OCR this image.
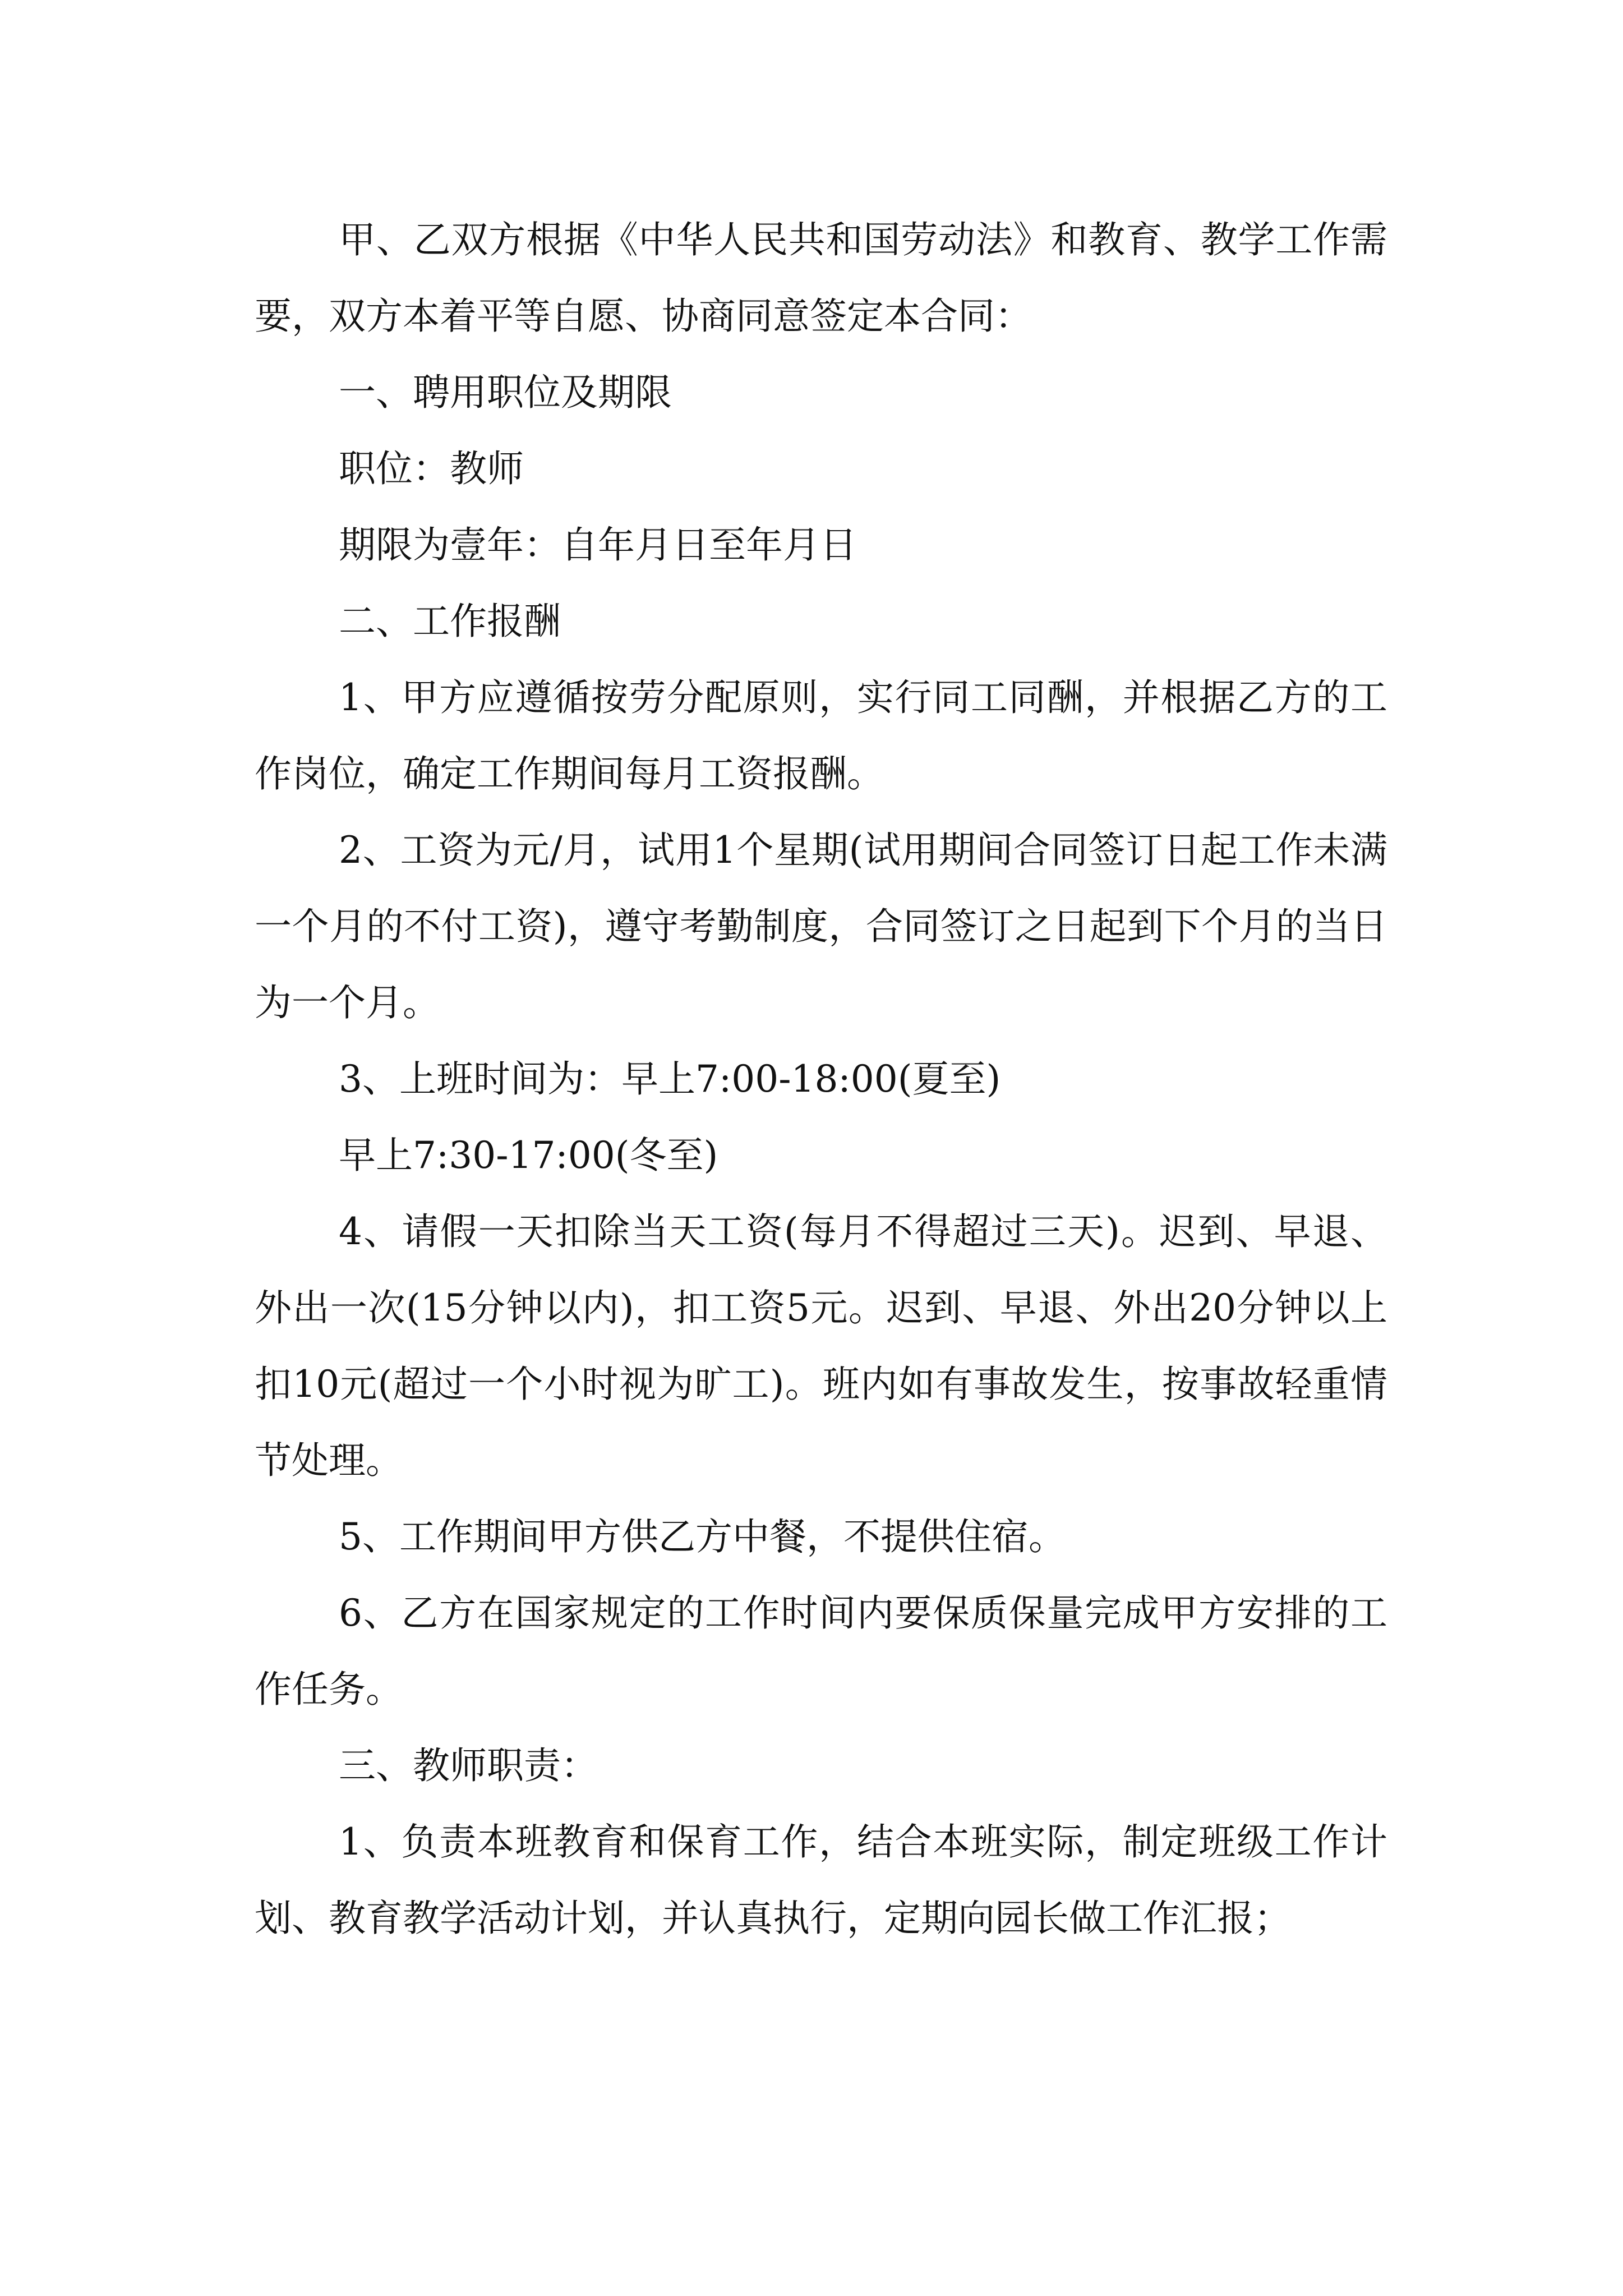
甲、乙双方根据《中华人民共和国劳动法》和教育、教学工作需要，双方本着平等自愿、协商同意签定本合同：

一、聘用职位及期限

职位：教师

期限为壹年：自年月日至年月日

二、工作报酬

1、甲方应遵循按劳分配原则，实行同工同酬，并根据乙方的工作岗位，确定工作期间每月工资报酬。

2、工资为元/月，试用1个星期(试用期间合同签订日起工作未满一个月的不付工资)，遵守考勤制度，合同签订之日起到下个月的当日为一个月。

3、上班时间为：早上7:00-18:00(夏至)

早上7:30-17:00(冬至)

4、请假一天扣除当天工资(每月不得超过三天)。迟到、早退、外出一次(15分钟以内)，扣工资5元。迟到、早退、外出20分钟以上扣10元(超过一个小时视为旷工)。班内如有事故发生，按事故轻重情节处理。

5、工作期间甲方供乙方中餐，不提供住宿。

6、乙方在国家规定的工作时间内要保质保量完成甲方安排的工作任务。

三、教师职责：

1、负责本班教育和保育工作，结合本班实际，制定班级工作计划、教育教学活动计划，并认真执行，定期向园长做工作汇报；
